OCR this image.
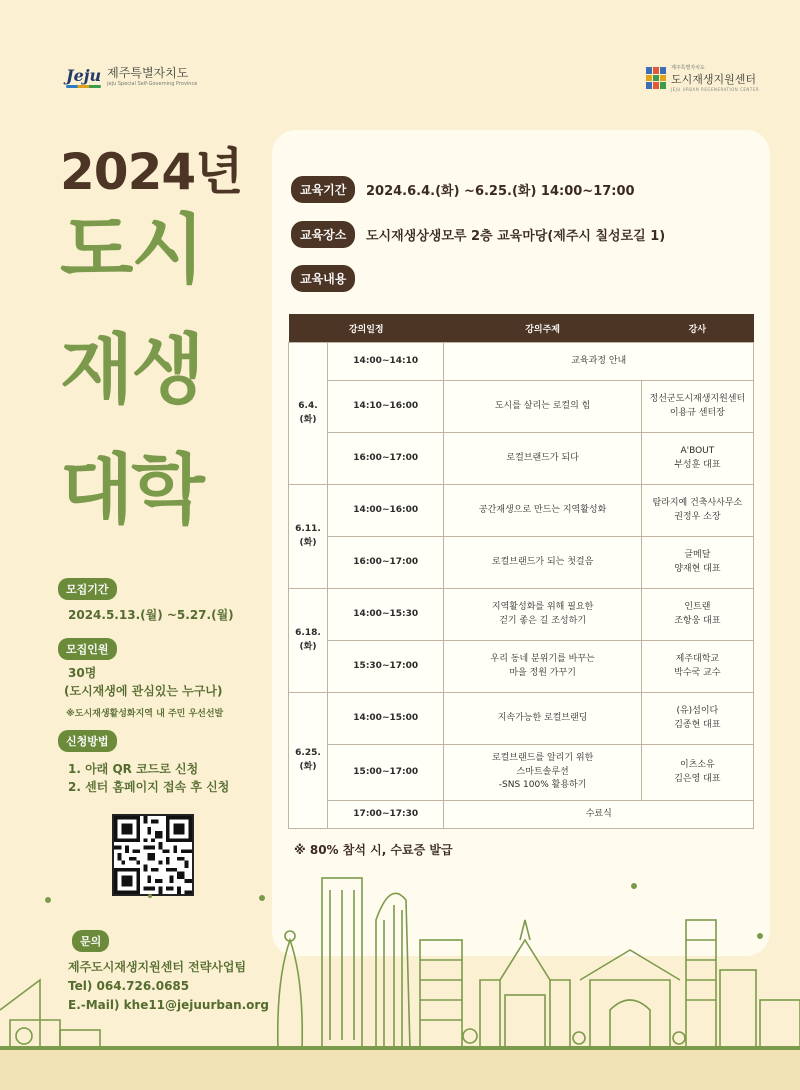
Jeju 제주특별자치도
Jeju Special Self-Governing Province
제주특별자치도
도시재생지원센터
JEJU URBAN REGENERATION CENTER
2024년
도시
재생
대학
모집기간
2024.5.13.(월) ~5.27.(월)
모집인원
30명
(도시재생에 관심있는 누구나)
※도시재생활성화지역 내 주민 우선선발
신청방법
1. 아래 QR 코드로 신청
2. 센터 홈페이지 접속 후 신청
교육기간	2024.6.4.(화) ~6.25.(화) 14:00~17:00
교육장소	도시재생상생모루 2층 교육마당(제주시 칠성로길 1)
교육내용
강의일정		강의주제	강사
6.4.
(화)	14:00~14:10	교육과정 안내	
	14:10~16:00	도시를 살리는 로컬의 힘	정선군도시재생지원센터
이용규 센터장
	16:00~17:00	로컬브랜드가 되다	A'BOUT
부성훈 대표
6.11.
(화)	14:00~16:00	공간재생으로 만드는 지역활성화	탐라지예 건축사사무소
권정우 소장
	16:00~17:00	로컬브랜드가 되는 첫걸음	글메달
양재현 대표
6.18.
(화)	14:00~15:30	지역활성화를 위해 필요한
걷기 좋은 길 조성하기	인트랜
조항웅 대표
	15:30~17:00	우리 동네 분위기를 바꾸는
마을 정원 가꾸기	제주대학교
박수국 교수
6.25.
(화)	14:00~15:00	지속가능한 로컬브랜딩	(유)섬이다
김종현 대표
	15:00~17:00	로컬브랜드를 알리기 위한
스마트솔루션
-SNS 100% 활용하기	이츠소유
김은영 대표
	17:00~17:30	수료식	
※ 80% 참석 시, 수료증 발급
문의
제주도시재생지원센터 전략사업팀
Tel) 064.726.0685
E.-Mail) khe11@jejuurban.org
